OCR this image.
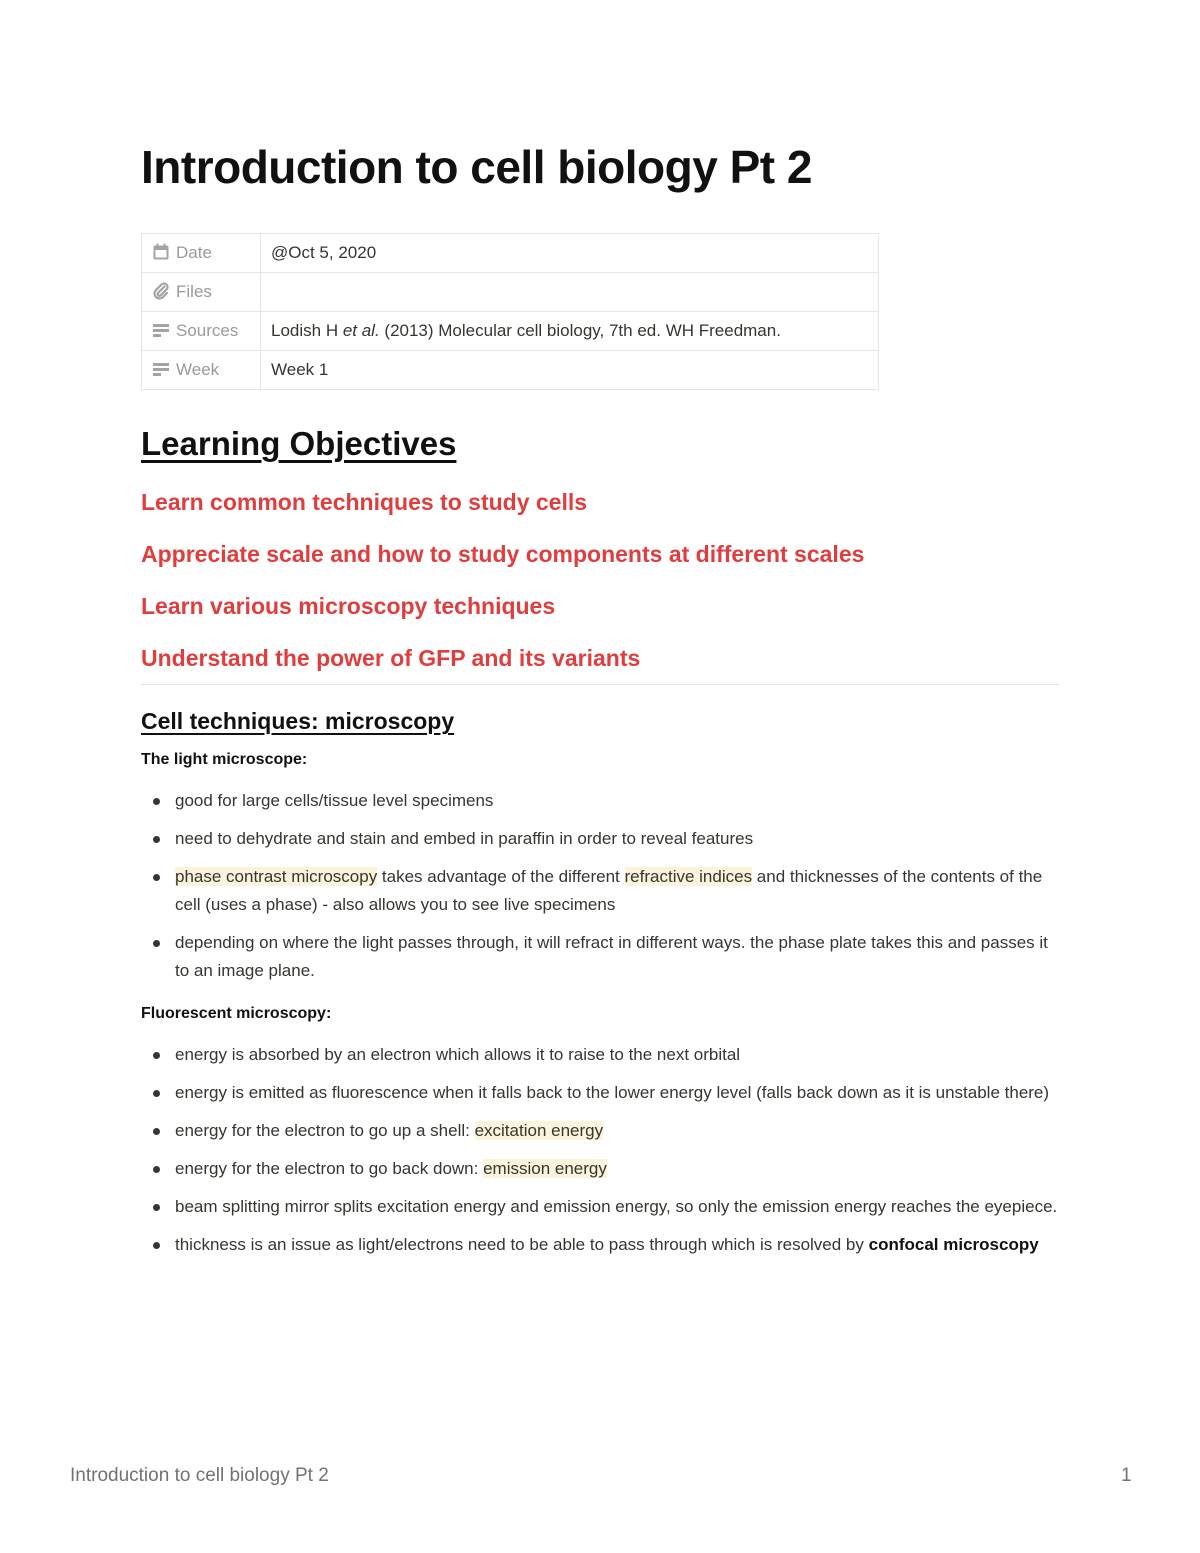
Introduction to cell biology Pt 2
Date	@Oct 5, 2020
Files	
Sources	Lodish H et al. (2013) Molecular cell biology, 7th ed. WH Freedman.
Week	Week 1
Learning Objectives

Learn common techniques to study cells

Appreciate scale and how to study components at different scales

Learn various microscopy techniques

Understand the power of GFP and its variants

Cell techniques: microscopy

The light microscope:

good for large cells/tissue level specimens
need to dehydrate and stain and embed in paraffin in order to reveal features
phase contrast microscopy takes advantage of the different refractive indices and thicknesses of the contents of the cell (uses a phase) - also allows you to see live specimens
depending on where the light passes through, it will refract in different ways. the phase plate takes this and passes it to an image plane.

Fluorescent microscopy:

energy is absorbed by an electron which allows it to raise to the next orbital
energy is emitted as fluorescence when it falls back to the lower energy level (falls back down as it is unstable there)
energy for the electron to go up a shell: excitation energy
energy for the electron to go back down: emission energy
beam splitting mirror splits excitation energy and emission energy, so only the emission energy reaches the eyepiece.
thickness is an issue as light/electrons need to be able to pass through which is resolved by confocal microscopy
Introduction to cell biology Pt 2	1
